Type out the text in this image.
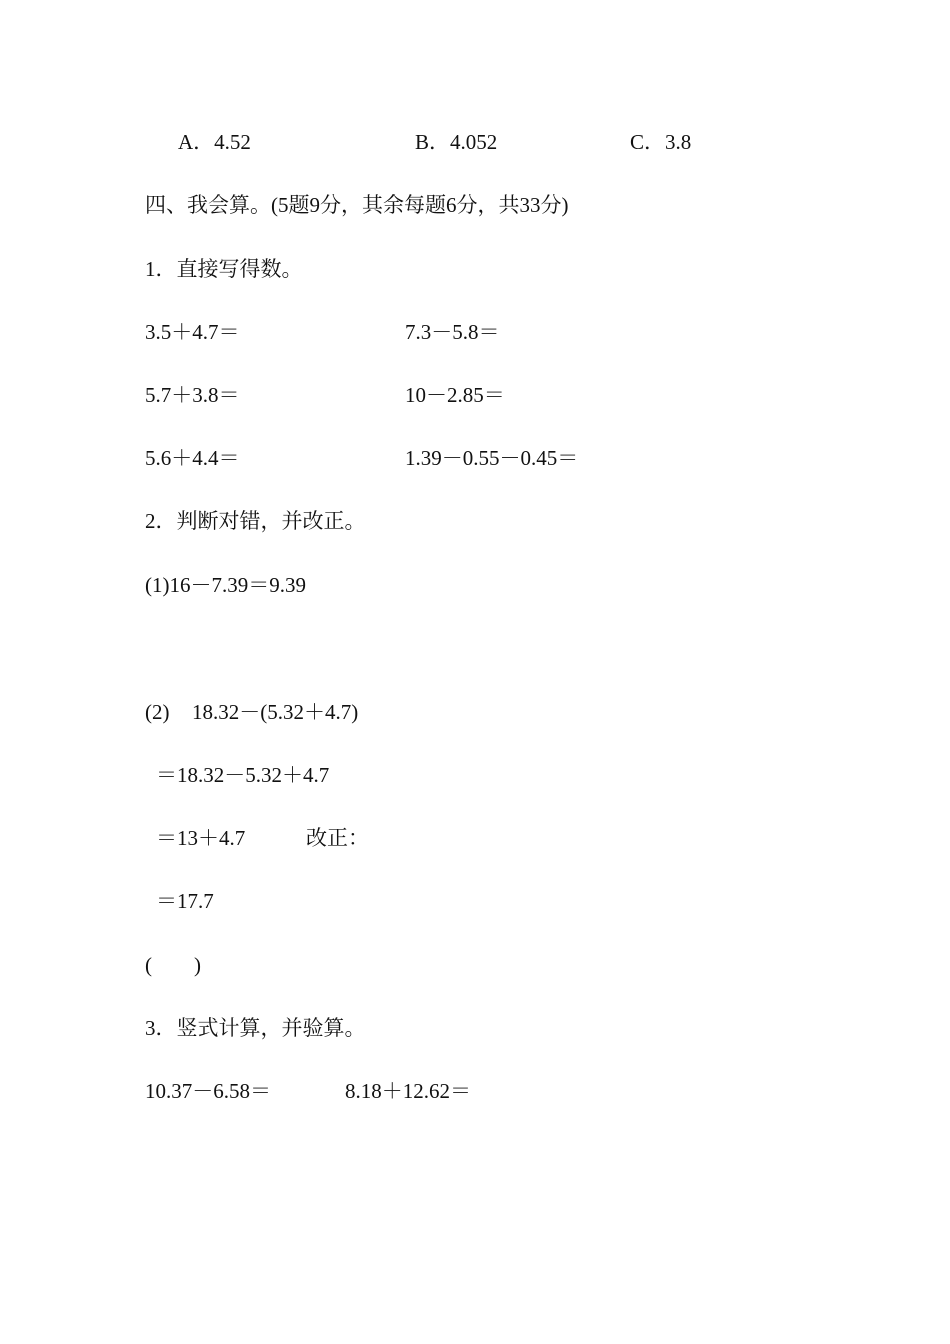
A．4.52	B．4.052	C．3.8
四、我会算。(5题9分，其余每题6分，共33分)
1．直接写得数。
3.5＋4.7＝	7.3－5.8＝
5.7＋3.8＝	10－2.85＝
5.6＋4.4＝	1.39－0.55－0.45＝
2．判断对错，并改正。
(1)16－7.39＝9.39
(2) 18.32－(5.32＋4.7)
＝18.32－5.32＋4.7
＝13＋4.7	改正：
＝17.7
(　　)
3．竖式计算，并验算。
10.37－6.58＝	8.18＋12.62＝
